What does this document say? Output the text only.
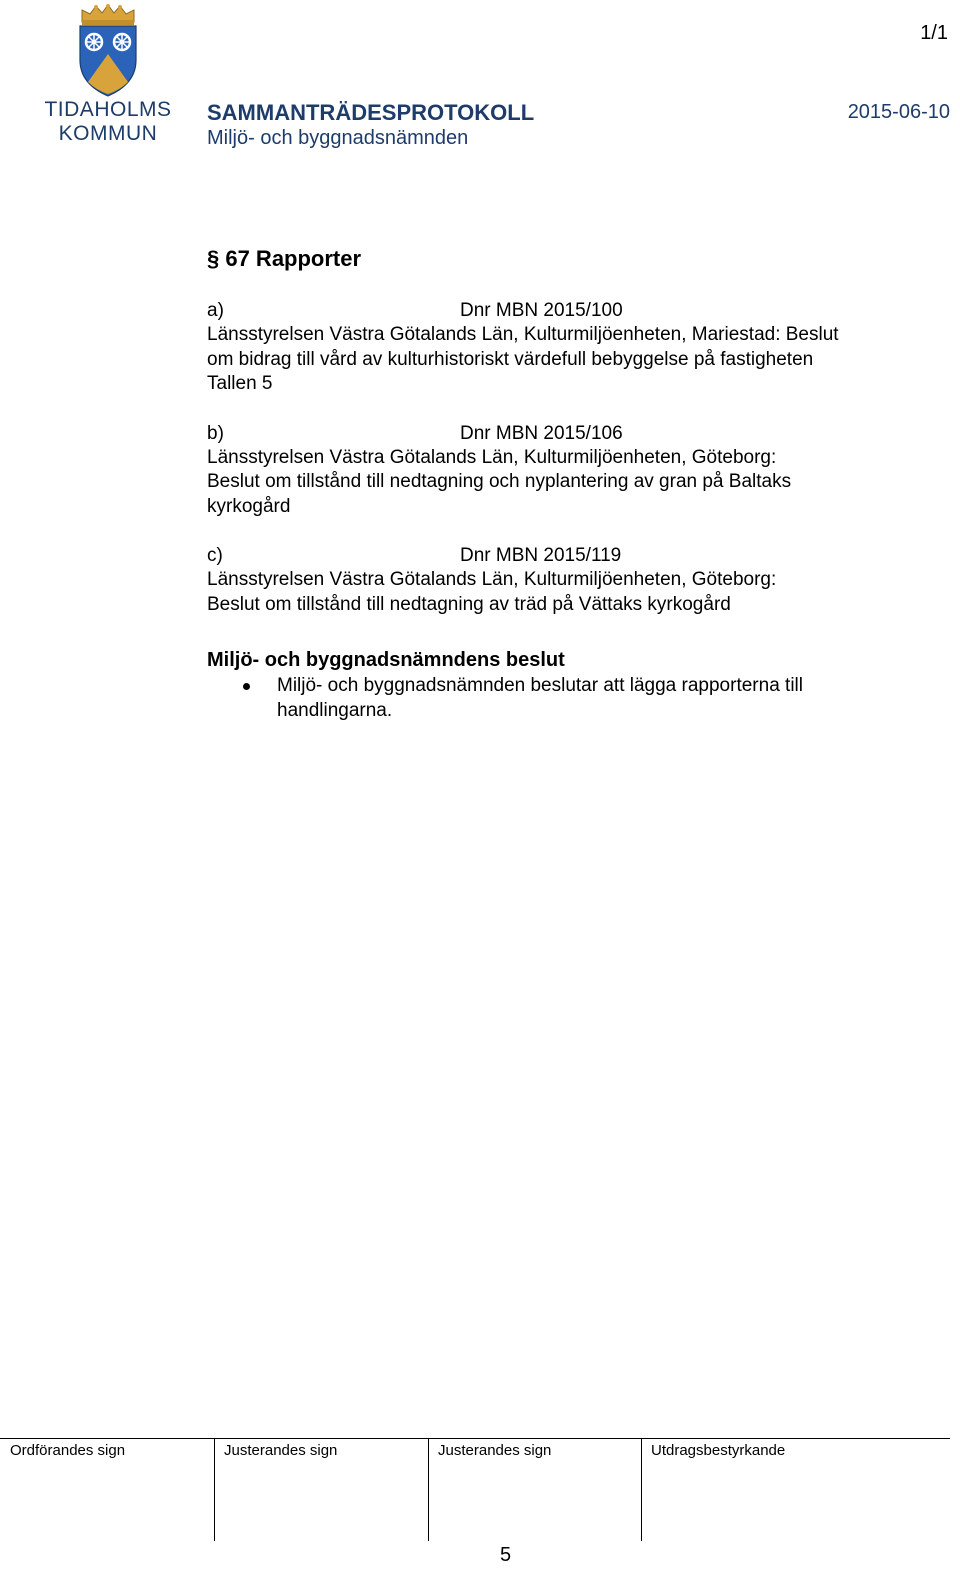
TIDAHOLMS
KOMMUN
1/1
SAMMANTRÄDESPROTOKOLL	2015-06-10
Miljö- och byggnadsnämnden
§ 67 Rapporter
a)	Dnr MBN 2015/100

Länsstyrelsen Västra Götalands Län, Kulturmiljöenheten, Mariestad: Beslut
om bidrag till vård av kulturhistoriskt värdefull bebyggelse på fastigheten
Tallen 5

b)	Dnr MBN 2015/106

Länsstyrelsen Västra Götalands Län, Kulturmiljöenheten, Göteborg:
Beslut om tillstånd till nedtagning och nyplantering av gran på Baltaks
kyrkogård

c)	Dnr MBN 2015/119

Länsstyrelsen Västra Götalands Län, Kulturmiljöenheten, Göteborg:
Beslut om tillstånd till nedtagning av träd på Vättaks kyrkogård

Miljö- och byggnadsnämndens beslut
Miljö- och byggnadsnämnden beslutar att lägga rapporterna till
handlingarna.
Ordförandes sign	Justerandes sign	Justerandes sign	Utdragsbestyrkande
5
